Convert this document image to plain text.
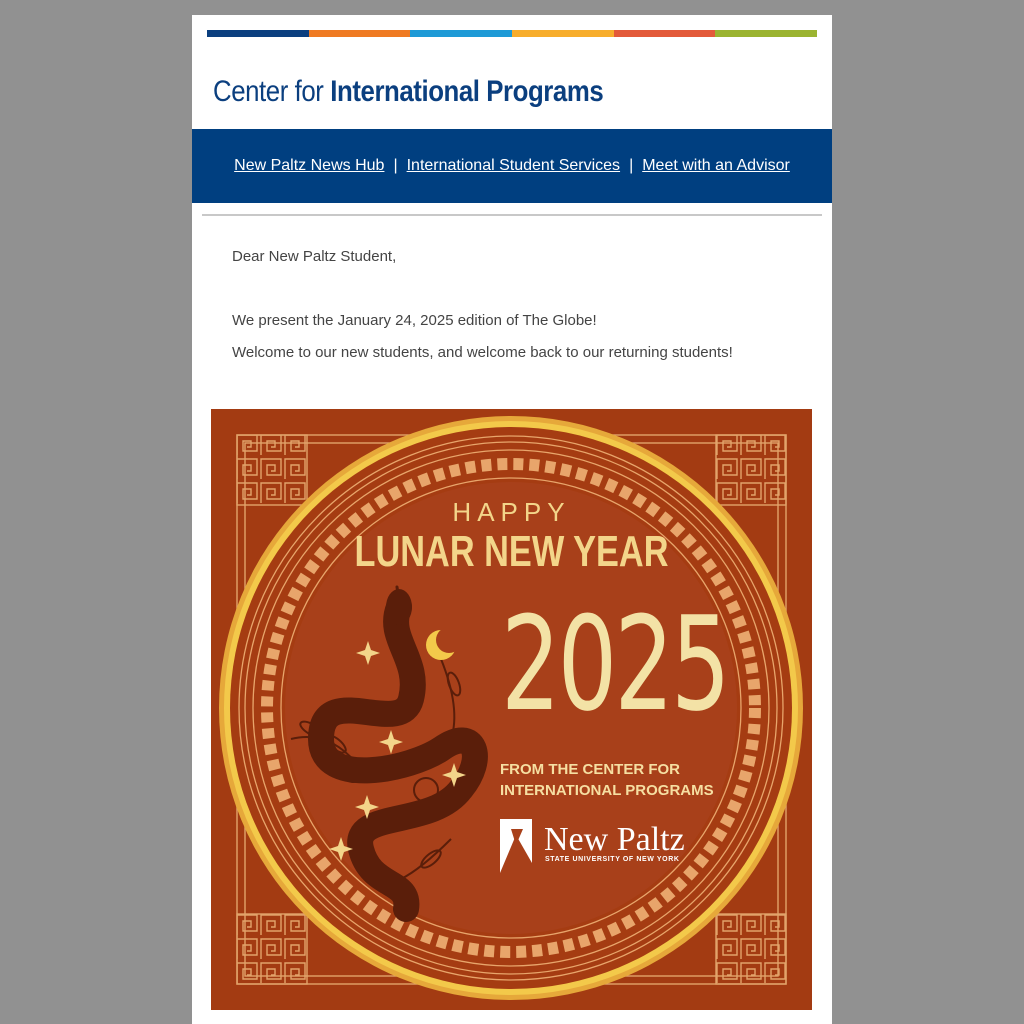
Center for International Programs
New Paltz News Hub | International Student Services | Meet with an Advisor
Dear New Paltz Student,
We present the January 24, 2025 edition of The Globe!
Welcome to our new students, and welcome back to our returning students!
HAPPY
LUNAR NEW YEAR
2025
FROM THE CENTER FOR
INTERNATIONAL PROGRAMS
New Paltz
STATE UNIVERSITY OF NEW YORK
